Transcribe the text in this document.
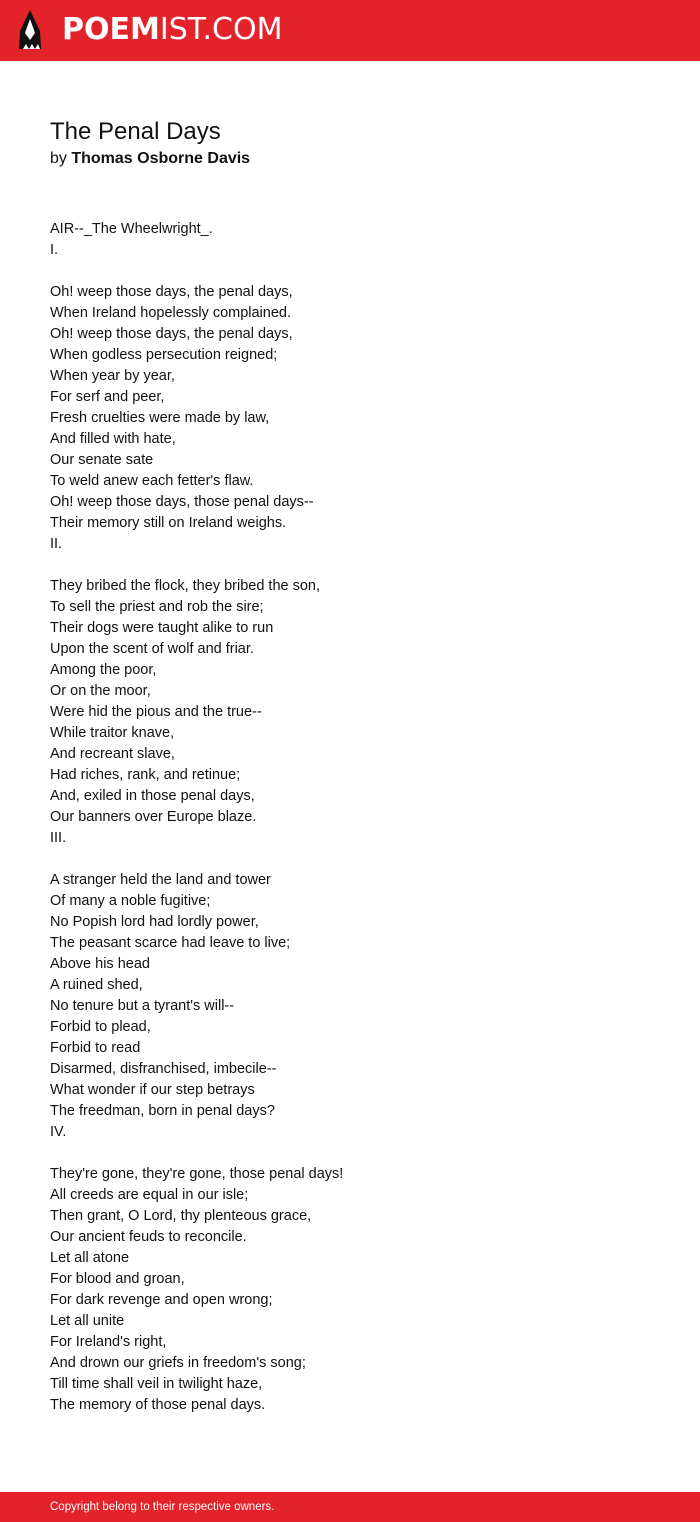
POEMIST.COM
The Penal Days
by Thomas Osborne Davis
AIR--_The Wheelwright_.
I.
Oh! weep those days, the penal days,
When Ireland hopelessly complained.
Oh! weep those days, the penal days,
When godless persecution reigned;
When year by year,
For serf and peer,
Fresh cruelties were made by law,
And filled with hate,
Our senate sate
To weld anew each fetter's flaw.
Oh! weep those days, those penal days--
Their memory still on Ireland weighs.
II.
They bribed the flock, they bribed the son,
To sell the priest and rob the sire;
Their dogs were taught alike to run
Upon the scent of wolf and friar.
Among the poor,
Or on the moor,
Were hid the pious and the true--
While traitor knave,
And recreant slave,
Had riches, rank, and retinue;
And, exiled in those penal days,
Our banners over Europe blaze.
III.
A stranger held the land and tower
Of many a noble fugitive;
No Popish lord had lordly power,
The peasant scarce had leave to live;
Above his head
A ruined shed,
No tenure but a tyrant's will--
Forbid to plead,
Forbid to read
Disarmed, disfranchised, imbecile--
What wonder if our step betrays
The freedman, born in penal days?
IV.
They're gone, they're gone, those penal days!
All creeds are equal in our isle;
Then grant, O Lord, thy plenteous grace,
Our ancient feuds to reconcile.
Let all atone
For blood and groan,
For dark revenge and open wrong;
Let all unite
For Ireland's right,
And drown our griefs in freedom's song;
Till time shall veil in twilight haze,
The memory of those penal days.
Copyright belong to their respective owners.
